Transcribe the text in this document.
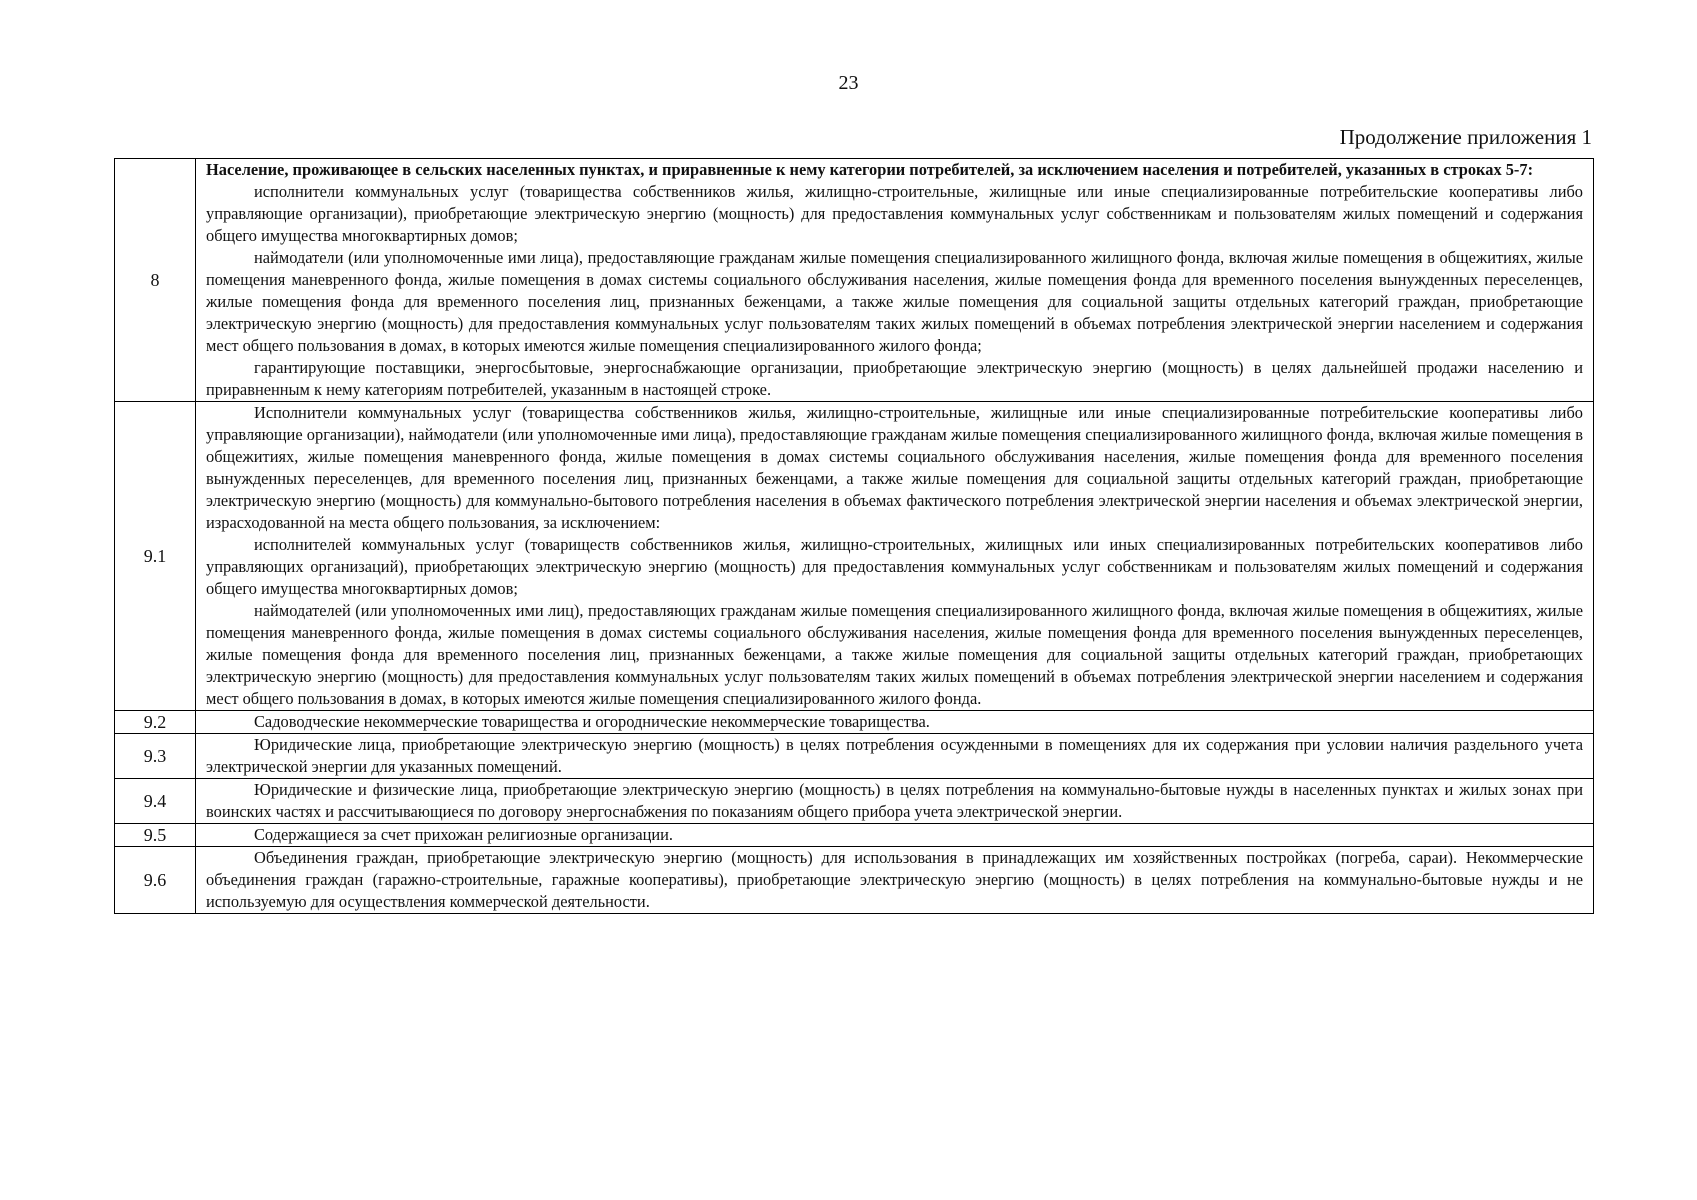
23
Продолжение приложения 1
8	Население, проживающее в сельских населенных пунктах, и приравненные к нему категории потребителей, за исключением населения и потребителей, указанных в строках 5-7:

исполнители коммунальных услуг (товарищества собственников жилья, жилищно-строительные, жилищные или иные специализированные потребительские кооперативы либо управляющие организации), приобретающие электрическую энергию (мощность) для предоставления коммунальных услуг собственникам и пользователям жилых помещений и содержания общего имущества многоквартирных домов;

наймодатели (или уполномоченные ими лица), предоставляющие гражданам жилые помещения специализированного жилищного фонда, включая жилые помещения в общежитиях, жилые помещения маневренного фонда, жилые помещения в домах системы социального обслуживания населения, жилые помещения фонда для временного поселения вынужденных переселенцев, жилые помещения фонда для временного поселения лиц, признанных беженцами, а также жилые помещения для социальной защиты отдельных категорий граждан, приобретающие электрическую энергию (мощность) для предоставления коммунальных услуг пользователям таких жилых помещений в объемах потребления электрической энергии населением и содержания мест общего пользования в домах, в которых имеются жилые помещения специализированного жилого фонда;

гарантирующие поставщики, энергосбытовые, энергоснабжающие организации, приобретающие электрическую энергию (мощность) в целях дальнейшей продажи населению и приравненным к нему категориям потребителей, указанным в настоящей строке.

9.1	Исполнители коммунальных услуг (товарищества собственников жилья, жилищно-строительные, жилищные или иные специализированные потребительские кооперативы либо управляющие организации), наймодатели (или уполномоченные ими лица), предоставляющие гражданам жилые помещения специализированного жилищного фонда, включая жилые помещения в общежитиях, жилые помещения маневренного фонда, жилые помещения в домах системы социального обслуживания населения, жилые помещения фонда для временного поселения вынужденных переселенцев, для временного поселения лиц, признанных беженцами, а также жилые помещения для социальной защиты отдельных категорий граждан, приобретающие электрическую энергию (мощность) для коммунально-бытового потребления населения в объемах фактического потребления электрической энергии населения и объемах электрической энергии, израсходованной на места общего пользования, за исключением:

исполнителей коммунальных услуг (товариществ собственников жилья, жилищно-строительных, жилищных или иных специализированных потребительских кооперативов либо управляющих организаций), приобретающих электрическую энергию (мощность) для предоставления коммунальных услуг собственникам и пользователям жилых помещений и содержания общего имущества многоквартирных домов;

наймодателей (или уполномоченных ими лиц), предоставляющих гражданам жилые помещения специализированного жилищного фонда, включая жилые помещения в общежитиях, жилые помещения маневренного фонда, жилые помещения в домах системы социального обслуживания населения, жилые помещения фонда для временного поселения вынужденных переселенцев, жилые помещения фонда для временного поселения лиц, признанных беженцами, а также жилые помещения для социальной защиты отдельных категорий граждан, приобретающих электрическую энергию (мощность) для предоставления коммунальных услуг пользователям таких жилых помещений в объемах потребления электрической энергии населением и содержания мест общего пользования в домах, в которых имеются жилые помещения специализированного жилого фонда.

9.2	Садоводческие некоммерческие товарищества и огороднические некоммерческие товарищества.

9.3	Юридические лица, приобретающие электрическую энергию (мощность) в целях потребления осужденными в помещениях для их содержания при условии наличия раздельного учета электрической энергии для указанных помещений.

9.4	Юридические и физические лица, приобретающие электрическую энергию (мощность) в целях потребления на коммунально-бытовые нужды в населенных пунктах и жилых зонах при воинских частях и рассчитывающиеся по договору энергоснабжения по показаниям общего прибора учета электрической энергии.

9.5	Содержащиеся за счет прихожан религиозные организации.

9.6	Объединения граждан, приобретающие электрическую энергию (мощность) для использования в принадлежащих им хозяйственных постройках (погреба, сараи). Некоммерческие объединения граждан (гаражно-строительные, гаражные кооперативы), приобретающие электрическую энергию (мощность) в целях потребления на коммунально-бытовые нужды и не используемую для осуществления коммерческой деятельности.
